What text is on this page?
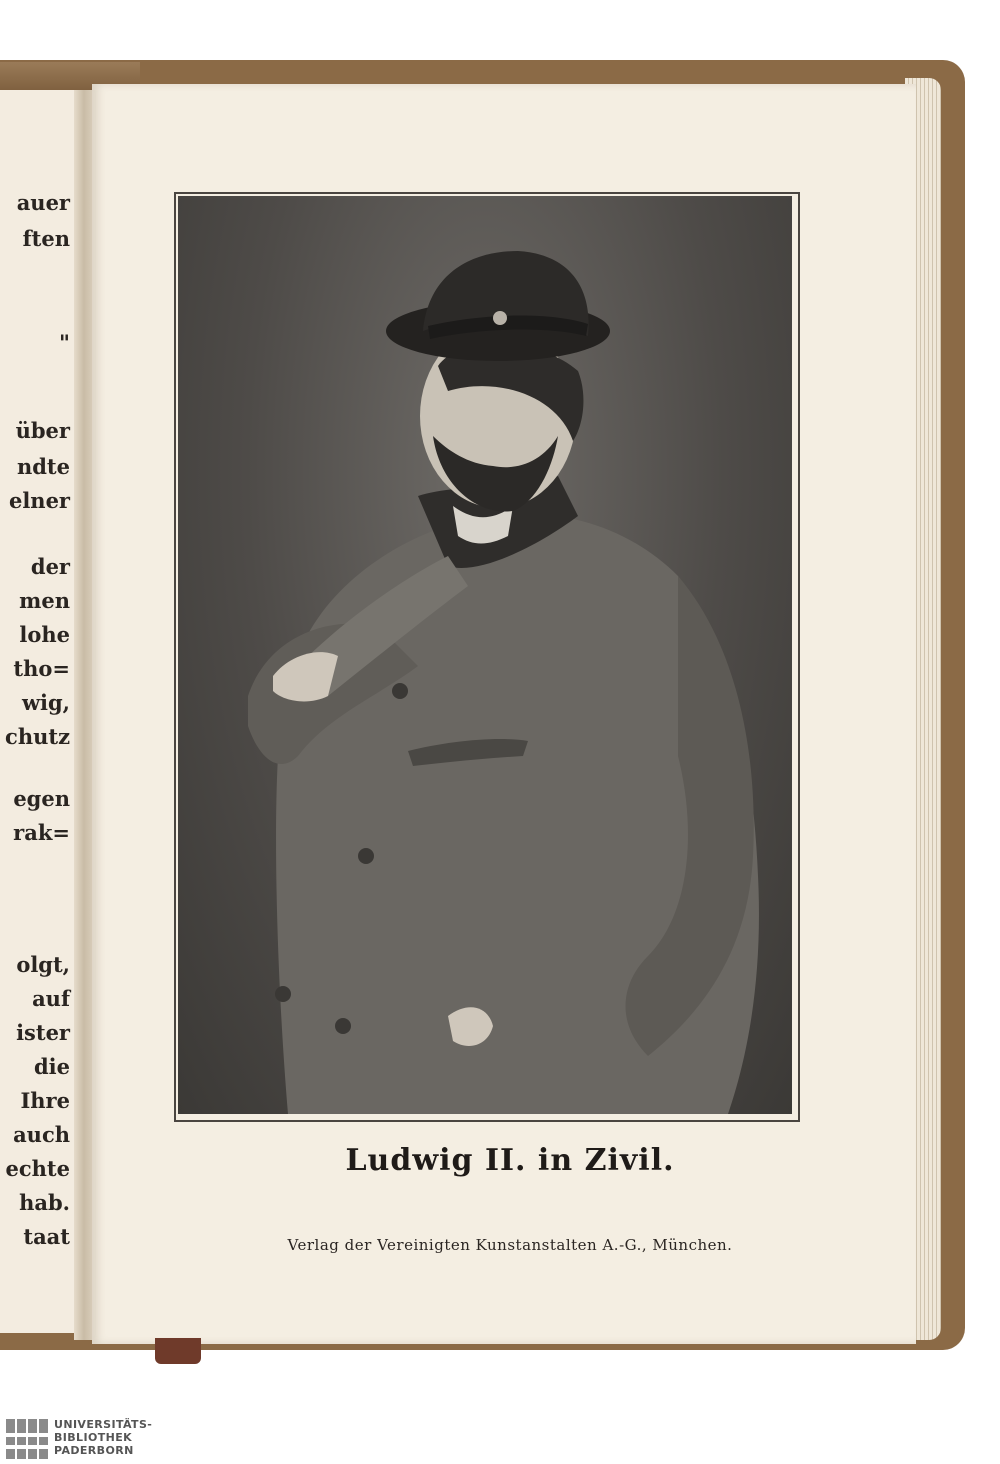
auer
ften
"
über
ndte
elner
der
men
lohe
tho=
wig,
chutz
egen
rak=
olgt,
auf
ister
die
Ihre
auch
echte
hab.
taat
Ludwig II. in Zivil.
Verlag der Vereinigten Kunstanstalten A.-G., München.
UNIVERSITÄTS-
BIBLIOTHEK
PADERBORN
